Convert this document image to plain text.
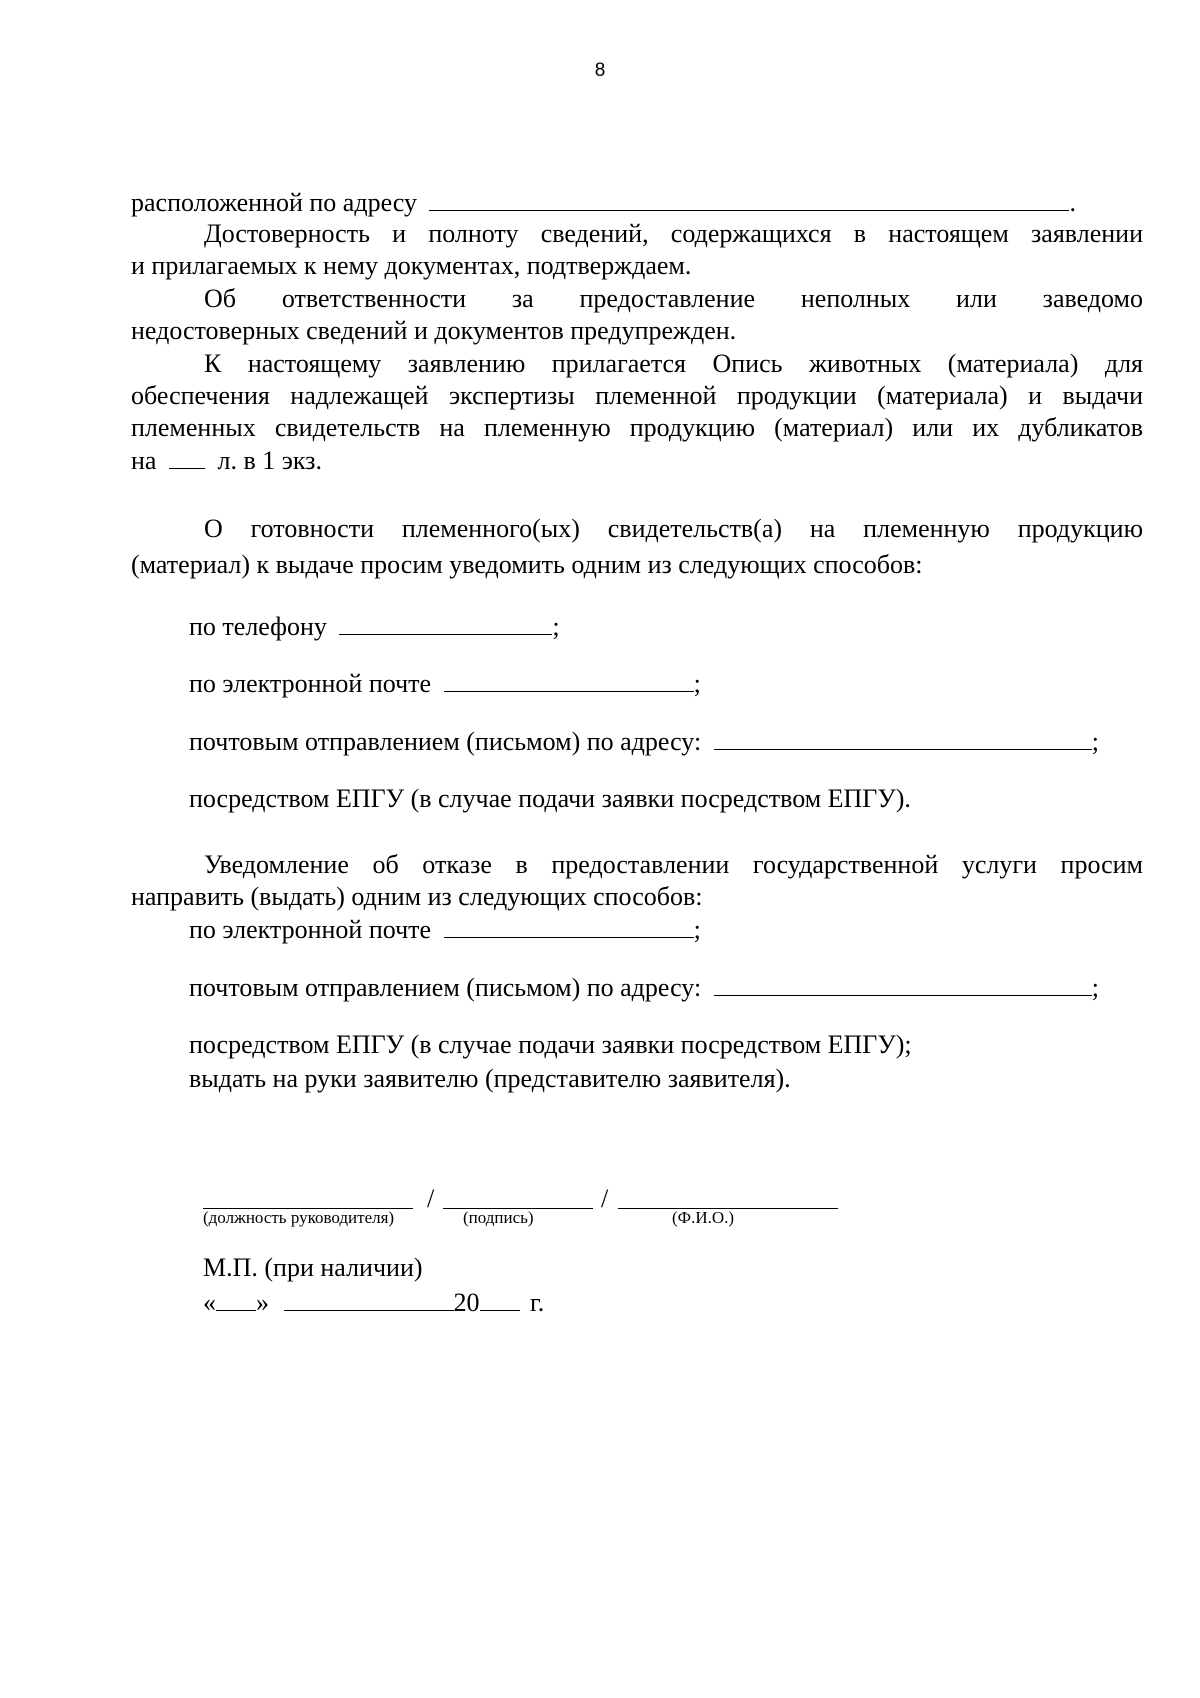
8

расположенной по адресу	.

Достоверность и полноту сведений, содержащихся в настоящем заявлении

и прилагаемых к нему документах, подтверждаем.

Об ответственности за предоставление неполных или заведомо

недостоверных сведений и документов предупрежден.

К настоящему заявлению прилагается Опись животных (материала) для

обеспечения надлежащей экспертизы племенной продукции (материала) и выдачи

племенных свидетельств на племенную продукцию (материал) или их дубликатов

на л. в 1 экз.

О готовности племенного(ых) свидетельств(а) на племенную продукцию

(материал) к выдаче просим уведомить одним из следующих способов:

по телефону	;
по электронной почте	;
почтовым отправлением (письмом) по адресу:	;
посредством ЕПГУ (в случае подачи заявки посредством ЕПГУ).

Уведомление об отказе в предоставлении государственной услуги просим

направить (выдать) одним из следующих способов:

по электронной почте	;
почтовым отправлением (письмом) по адресу:	;
посредством ЕПГУ (в случае подачи заявки посредством ЕПГУ);
выдать на руки заявителю (представителю заявителя).
/	/
(должность руководителя)	(подпись)	(Ф.И.О.)
М.П. (при наличии)
« »	20 г.
